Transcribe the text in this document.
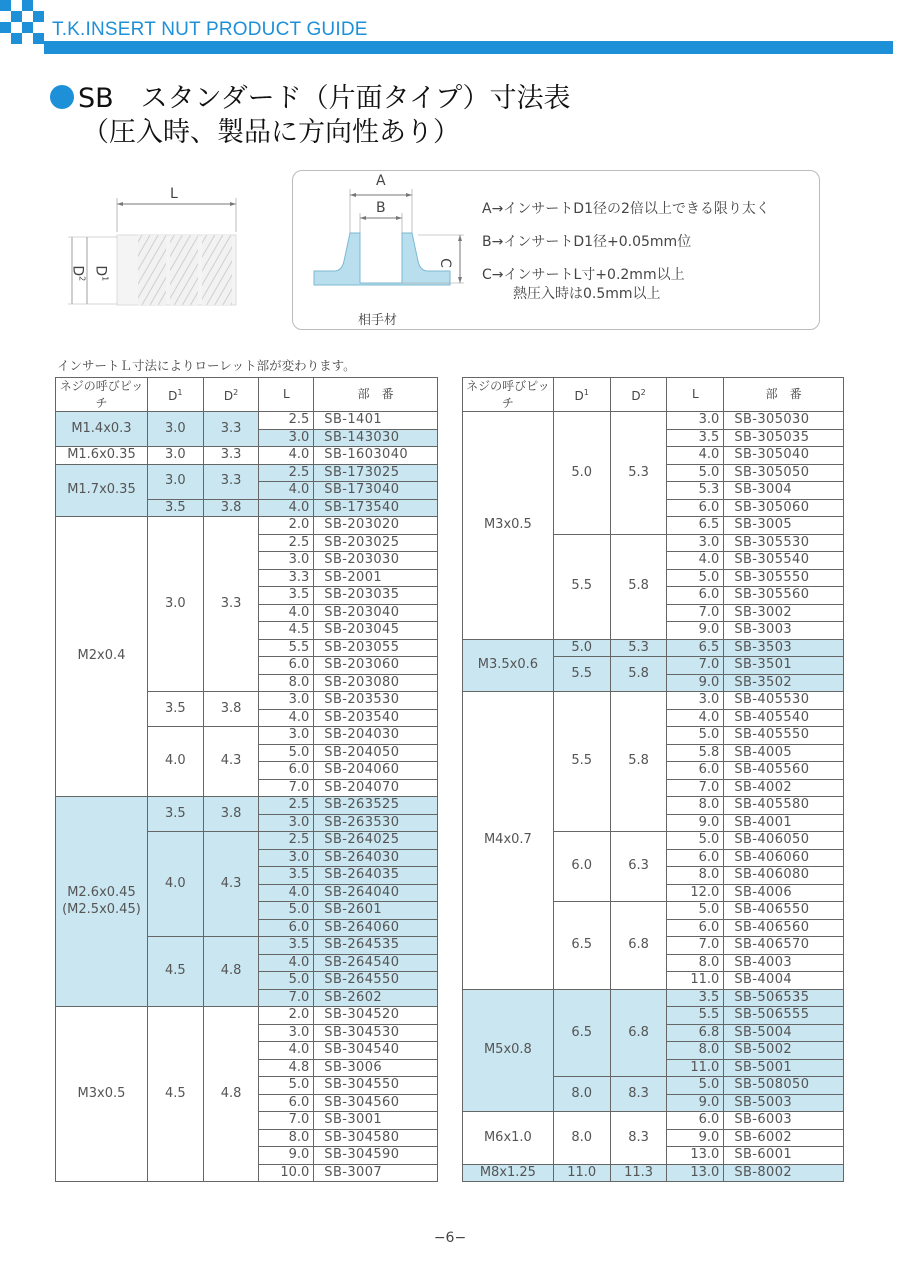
T.K.INSERT NUT PRODUCT GUIDE
SB　スタンダード（片面タイプ）寸法表
（圧入時、製品に方向性あり）
L
$D^1$
$D^2$
A
B
C
相手材
A→インサートD1径の2倍以上できる限り太く
B→インサートD1径+0.05mm位
C→インサートL寸+0.2mm以上
熱圧入時は0.5mm以上
インサートＬ寸法によりローレット部が変わります。
ネジの呼びピッチ	$D^1$	$D^2$	L	部　番

M1.4x0.3	3.0	3.3	2.5	SB-1401
			3.0	SB-143030

M1.6x0.35	3.0	3.3	4.0	SB-1603040

M1.7x0.35	3.0	3.3	2.5	SB-173025
			4.0	SB-173040
	3.5	3.8	4.0	SB-173540

M2x0.4	3.0	3.3	2.0	SB-203020
			2.5	SB-203025
			3.0	SB-203030
			3.3	SB-2001
			3.5	SB-203035
			4.0	SB-203040
			4.5	SB-203045
			5.5	SB-203055
			6.0	SB-203060
			8.0	SB-203080
	3.5	3.8	3.0	SB-203530
			4.0	SB-203540
	4.0	4.3	3.0	SB-204030
			5.0	SB-204050
			6.0	SB-204060
			7.0	SB-204070

M2.6x0.45
(M2.5x0.45)	3.5	3.8	2.5	SB-263525
			3.0	SB-263530
	4.0	4.3	2.5	SB-264025
			3.0	SB-264030
			3.5	SB-264035
			4.0	SB-264040
			5.0	SB-2601
			6.0	SB-264060
	4.5	4.8	3.5	SB-264535
			4.0	SB-264540
			5.0	SB-264550
			7.0	SB-2602

M3x0.5	4.5	4.8	2.0	SB-304520
			3.0	SB-304530
			4.0	SB-304540
			4.8	SB-3006
			5.0	SB-304550
			6.0	SB-304560
			7.0	SB-3001
			8.0	SB-304580
			9.0	SB-304590
			10.0	SB-3007
ネジの呼びピッチ	$D^1$	$D^2$	L	部　番

M3x0.5	5.0	5.3	3.0	SB-305030
			3.5	SB-305035
			4.0	SB-305040
			5.0	SB-305050
			5.3	SB-3004
			6.0	SB-305060
			6.5	SB-3005
	5.5	5.8	3.0	SB-305530
			4.0	SB-305540
			5.0	SB-305550
			6.0	SB-305560
			7.0	SB-3002
			9.0	SB-3003

M3.5x0.6	5.0	5.3	6.5	SB-3503
	5.5	5.8	7.0	SB-3501
			9.0	SB-3502

M4x0.7	5.5	5.8	3.0	SB-405530
			4.0	SB-405540
			5.0	SB-405550
			5.8	SB-4005
			6.0	SB-405560
			7.0	SB-4002
			8.0	SB-405580
			9.0	SB-4001
	6.0	6.3	5.0	SB-406050
			6.0	SB-406060
			8.0	SB-406080
			12.0	SB-4006
	6.5	6.8	5.0	SB-406550
			6.0	SB-406560
			7.0	SB-406570
			8.0	SB-4003
			11.0	SB-4004

M5x0.8	6.5	6.8	3.5	SB-506535
			5.5	SB-506555
			6.8	SB-5004
			8.0	SB-5002
			11.0	SB-5001
	8.0	8.3	5.0	SB-508050
			9.0	SB-5003

M6x1.0	8.0	8.3	6.0	SB-6003
			9.0	SB-6002
			13.0	SB-6001

M8x1.25	11.0	11.3	13.0	SB-8002
−6−
